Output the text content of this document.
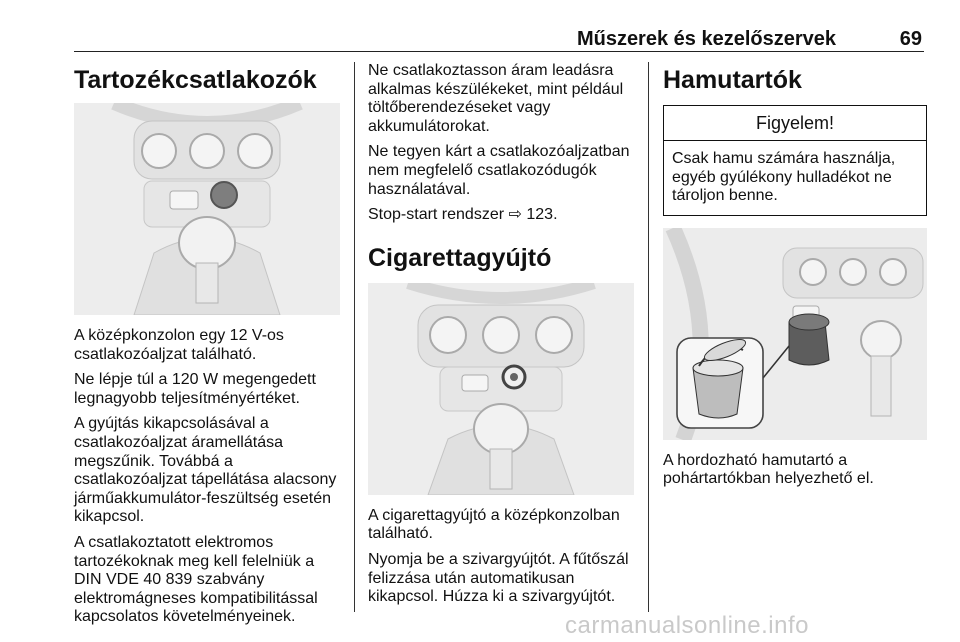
Műszerek és kezelőszervek	69
Tartozékcsatlakozók

A középkonzolon egy 12 V-os csatlakozóaljzat található.

Ne lépje túl a 120 W megengedett legnagyobb teljesítményértéket.

A gyújtás kikapcsolásával a csatlakozóaljzat áramellátása megszűnik. Továbbá a csatlakozóaljzat tápellátása alacsony járműakkumulátor-feszültség esetén kikapcsol.

A csatlakoztatott elektromos tartozékoknak meg kell felelniük a DIN VDE 40 839 szabvány elektromágneses kompatibilitással kapcsolatos követelményeinek.

Ne csatlakoztasson áram leadásra alkalmas készülékeket, mint például töltőberendezéseket vagy akkumulátorokat.

Ne tegyen kárt a csatlakozóaljzatban nem megfelelő csatlakozódugók használatával.

Stop-start rendszer ⇨ 123.

Cigarettagyújtó

A cigarettagyújtó a középkonzolban található.

Nyomja be a szivargyújtót. A fűtőszál felizzása után automatikusan kikapcsol. Húzza ki a szivargyújtót.

Hamutartók
Figyelem!
Csak hamu számára használja, egyéb gyúlékony hulladékot ne tároljon benne.

A hordozható hamutartó a pohártartókban helyezhető el.

carmanualsonline.info
